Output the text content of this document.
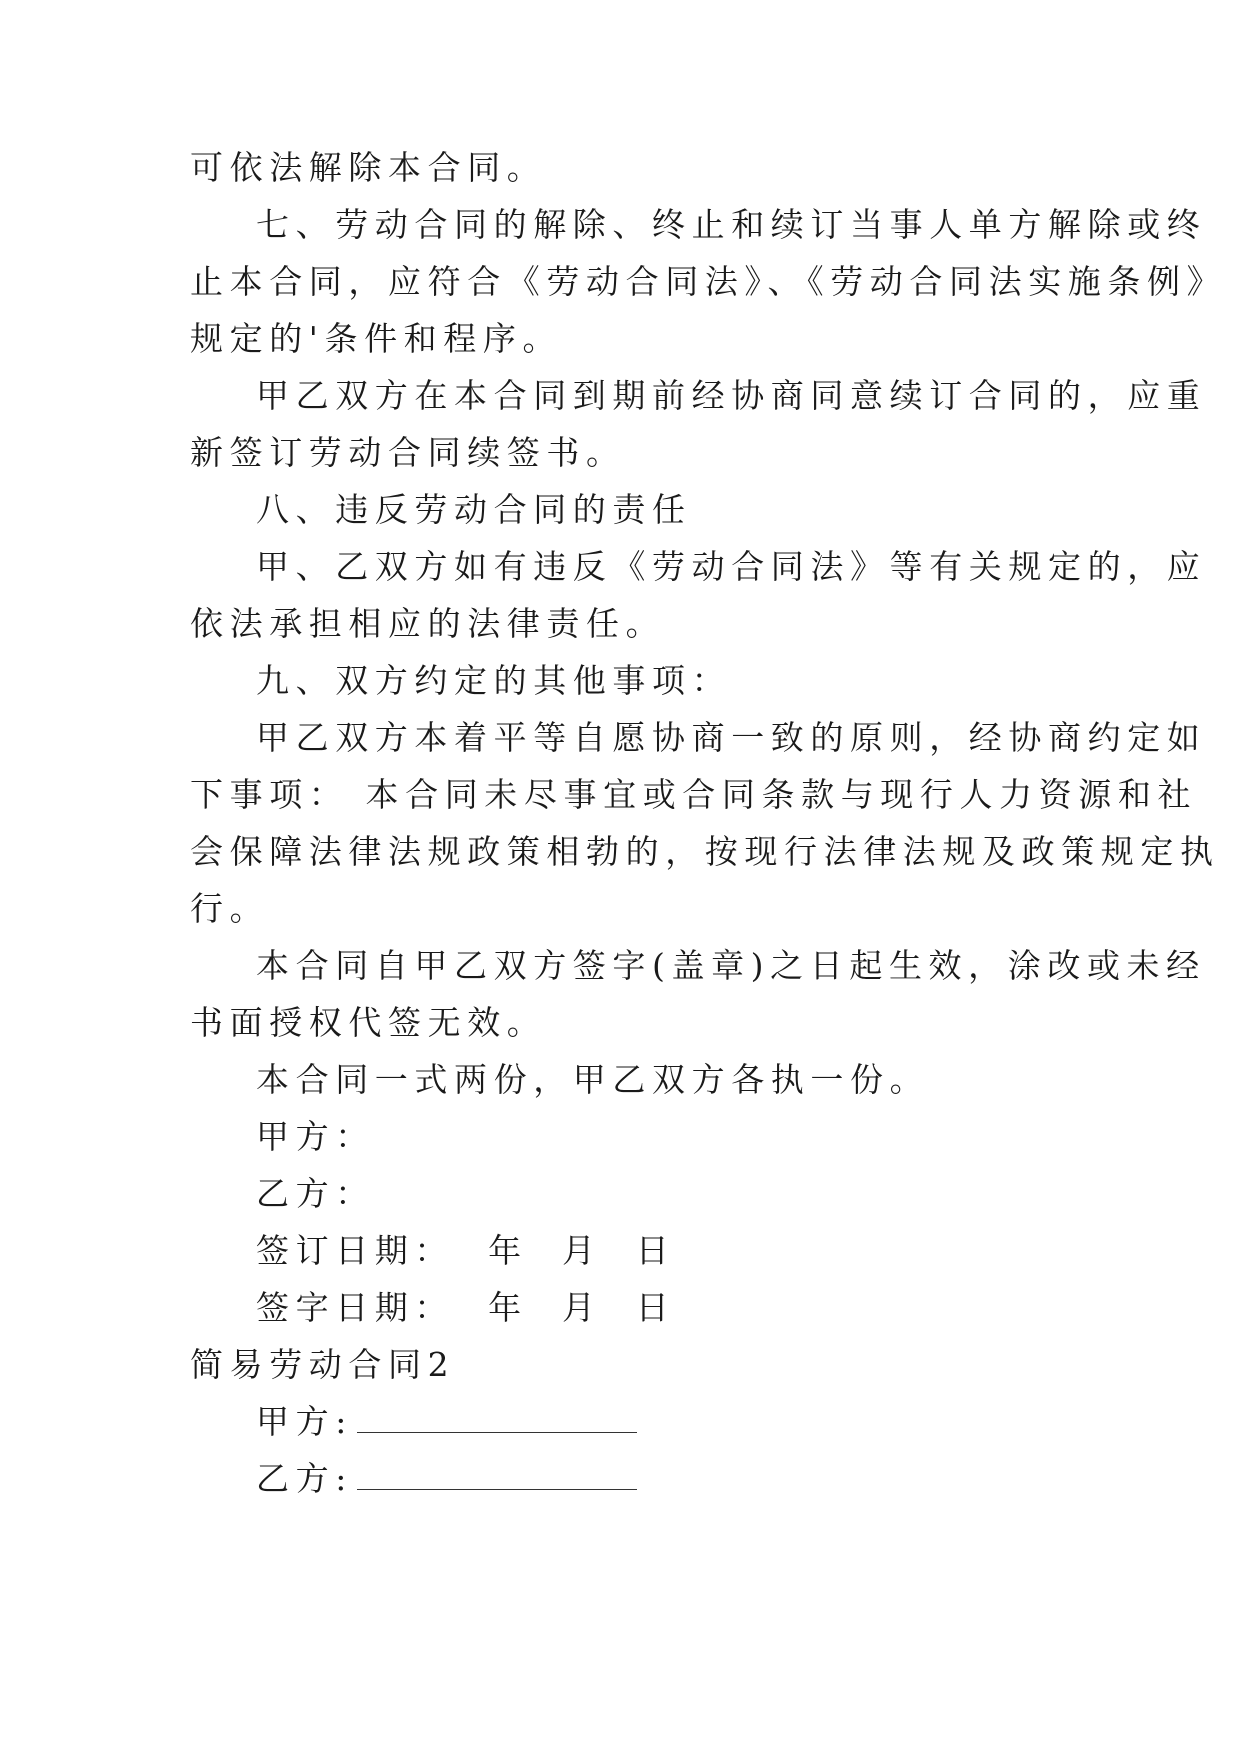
可依法解除本合同。
七、劳动合同的解除、终止和续订当事人单方解除或终
止本合同，应符合《劳动合同法》、《劳动合同法实施条例》
规定的'条件和程序。
甲乙双方在本合同到期前经协商同意续订合同的，应重
新签订劳动合同续签书。
八、违反劳动合同的责任
甲、乙双方如有违反《劳动合同法》等有关规定的，应
依法承担相应的法律责任。
九、双方约定的其他事项：
甲乙双方本着平等自愿协商一致的原则，经协商约定如
下事项： 本合同未尽事宜或合同条款与现行人力资源和社
会保障法律法规政策相勃的，按现行法律法规及政策规定执
行。
本合同自甲乙双方签字(盖章)之日起生效，涂改或未经
书面授权代签无效。
本合同一式两份，甲乙双方各执一份。
甲方：
乙方：
签订日期：  年  月  日
签字日期：  年  月  日
简易劳动合同2
甲方:
乙方:
